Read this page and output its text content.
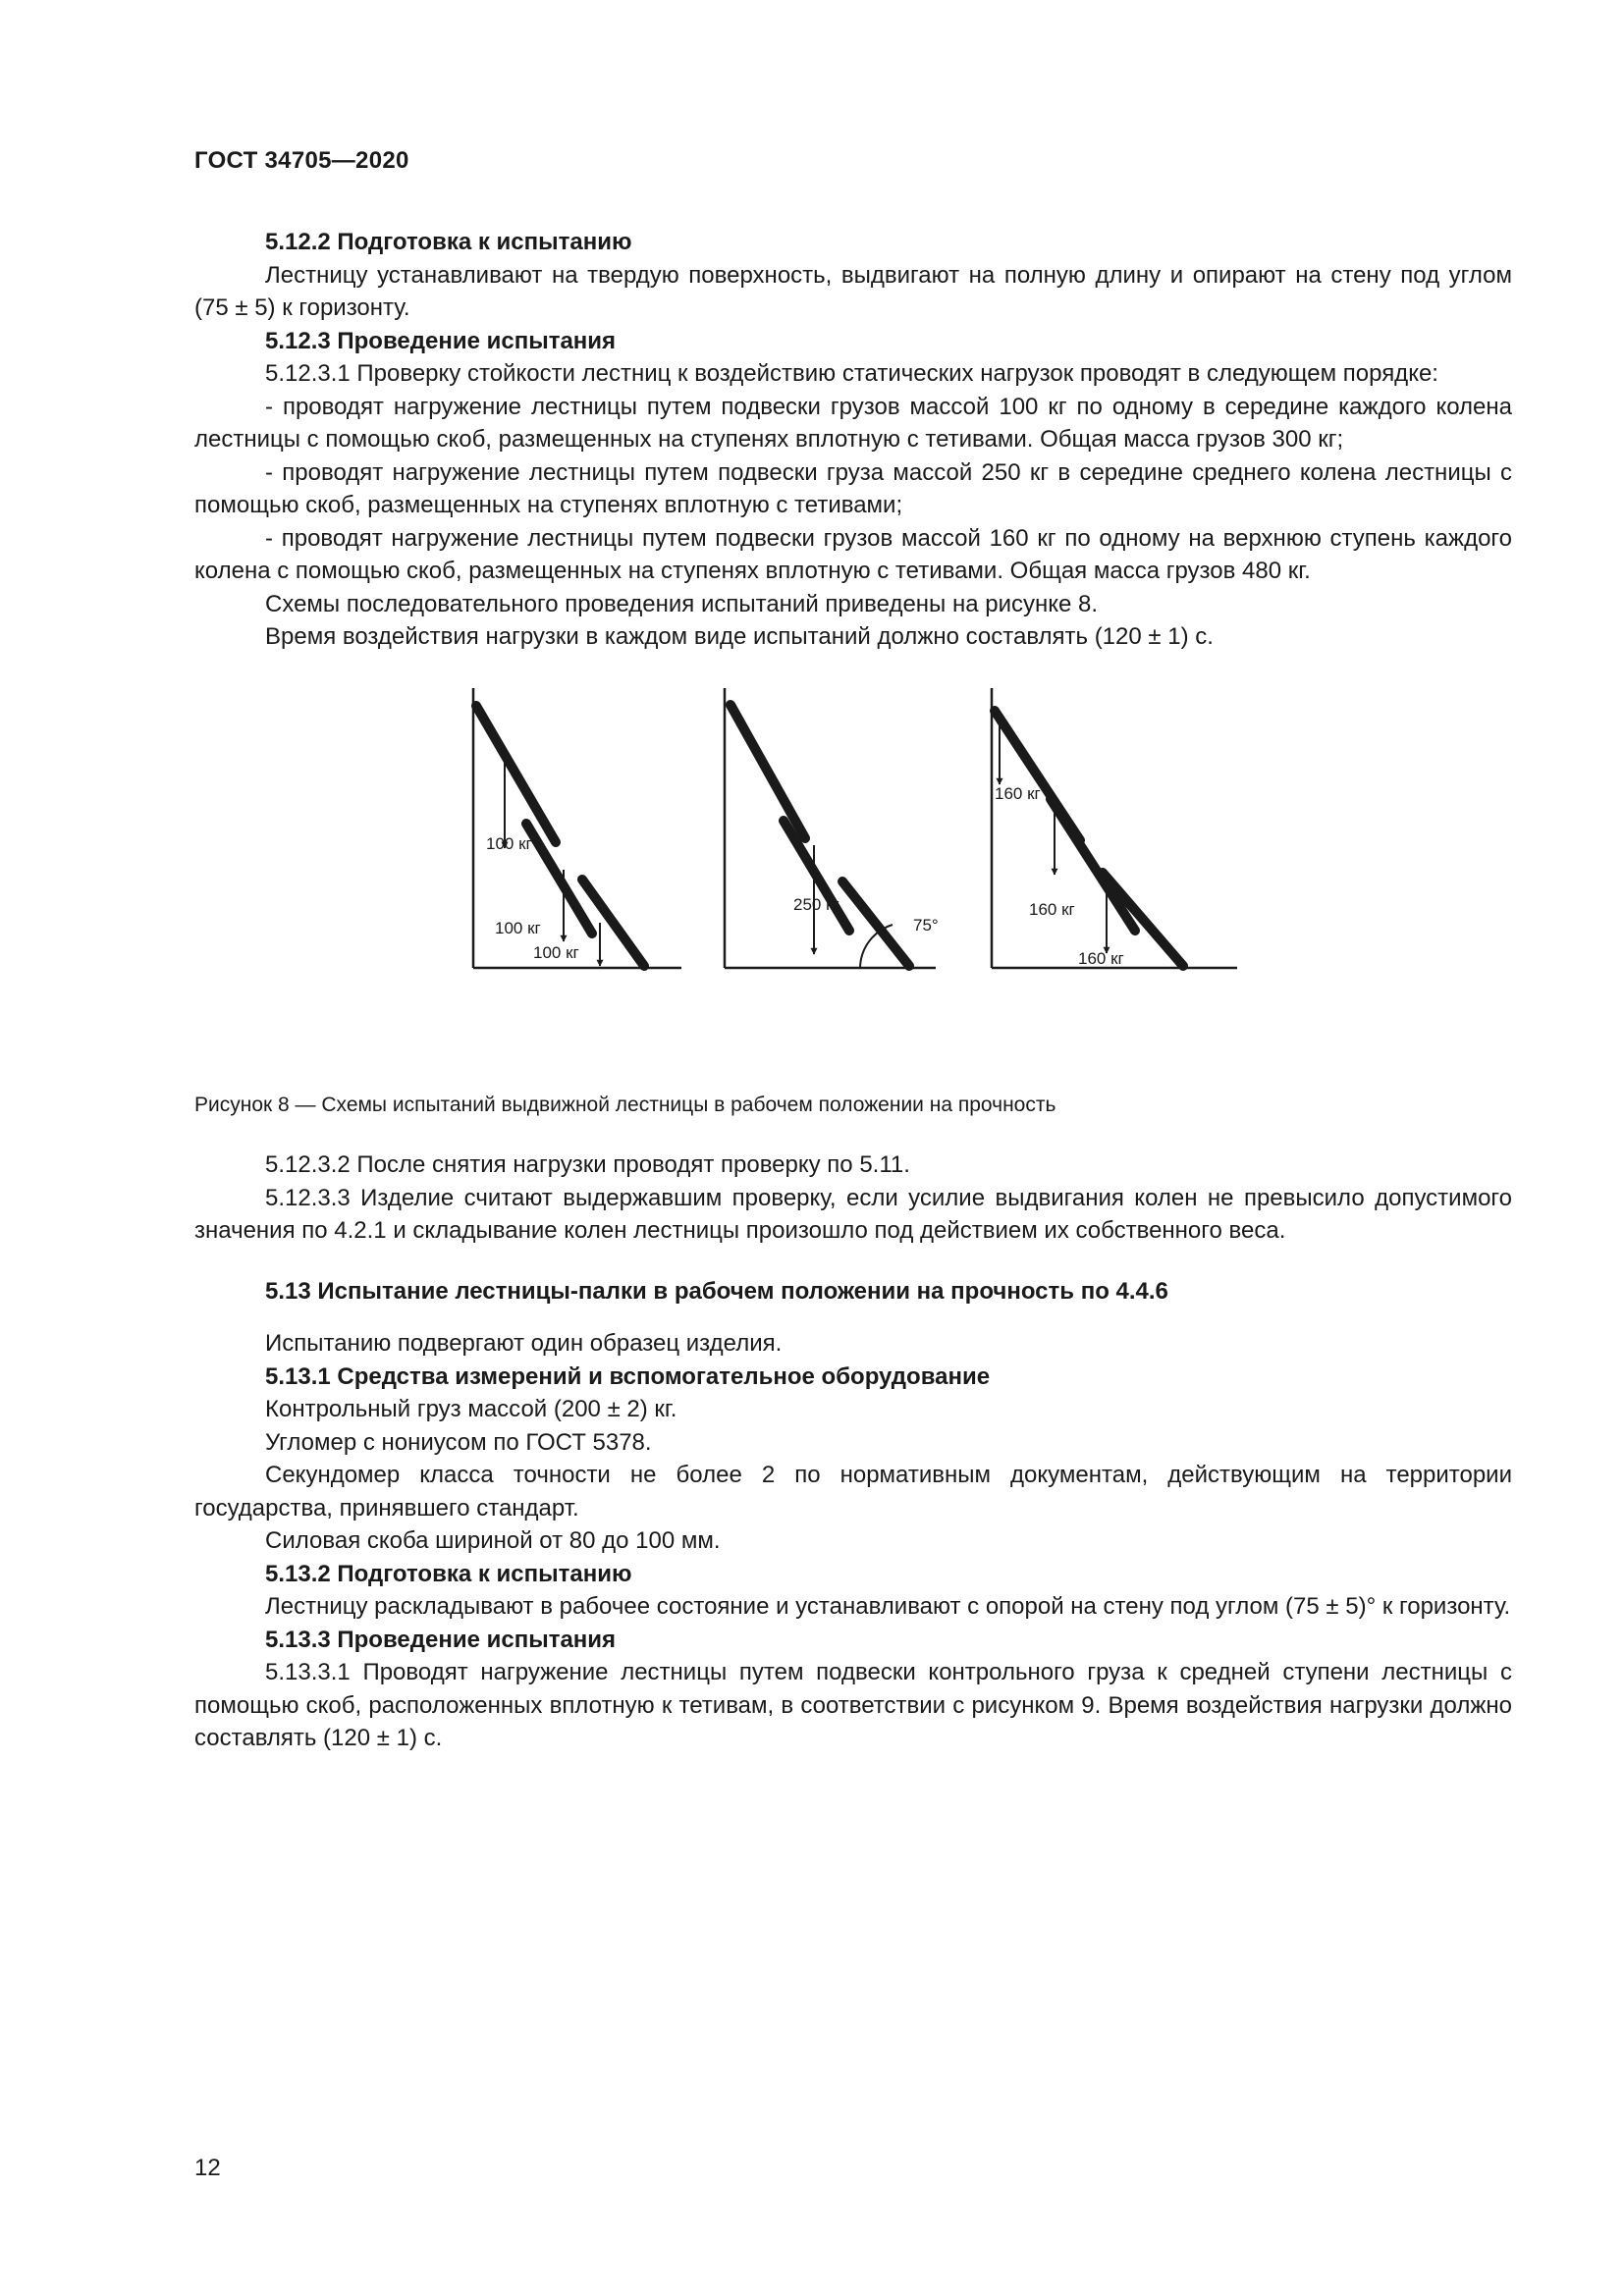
ГОСТ 34705—2020

5.12.2 Подготовка к испытанию

Лестницу устанавливают на твердую поверхность, выдвигают на полную длину и опирают на стену под углом (75 ± 5) к горизонту.

5.12.3 Проведение испытания

5.12.3.1 Проверку стойкости лестниц к воздействию статических нагрузок проводят в следующем порядке:

- проводят нагружение лестницы путем подвески грузов массой 100 кг по одному в середине каждого колена лестницы с помощью скоб, размещенных на ступенях вплотную с тетивами. Общая масса грузов 300 кг;

- проводят нагружение лестницы путем подвески груза массой 250 кг в середине среднего колена лестницы с помощью скоб, размещенных на ступенях вплотную с тетивами;

- проводят нагружение лестницы путем подвески грузов массой 160 кг по одному на верхнюю ступень каждого колена с помощью скоб, размещенных на ступенях вплотную с тетивами. Общая масса грузов 480 кг.

Схемы последовательного проведения испытаний приведены на рисунке 8.

Время воздействия нагрузки в каждом виде испытаний должно составлять (120 ± 1) с.

100 кг
100 кг
100 кг
250 кг
75°
160 кг
160 кг
160 кг

Рисунок 8 — Схемы испытаний выдвижной лестницы в рабочем положении на прочность

5.12.3.2 После снятия нагрузки проводят проверку по 5.11.

5.12.3.3 Изделие считают выдержавшим проверку, если усилие выдвигания колен не превысило допустимого значения по 4.2.1 и складывание колен лестницы произошло под действием их собственного веса.

5.13 Испытание лестницы-палки в рабочем положении на прочность по 4.4.6

Испытанию подвергают один образец изделия.

5.13.1 Средства измерений и вспомогательное оборудование

Контрольный груз массой (200 ± 2) кг.

Угломер с нониусом по ГОСТ 5378.

Секундомер класса точности не более 2 по нормативным документам, действующим на территории государства, принявшего стандарт.

Силовая скоба шириной от 80 до 100 мм.

5.13.2 Подготовка к испытанию

Лестницу раскладывают в рабочее состояние и устанавливают с опорой на стену под углом (75 ± 5)° к горизонту.

5.13.3 Проведение испытания

5.13.3.1 Проводят нагружение лестницы путем подвески контрольного груза к средней ступени лестницы с помощью скоб, расположенных вплотную к тетивам, в соответствии с рисунком 9. Время воздействия нагрузки должно составлять (120 ± 1) с.

12
